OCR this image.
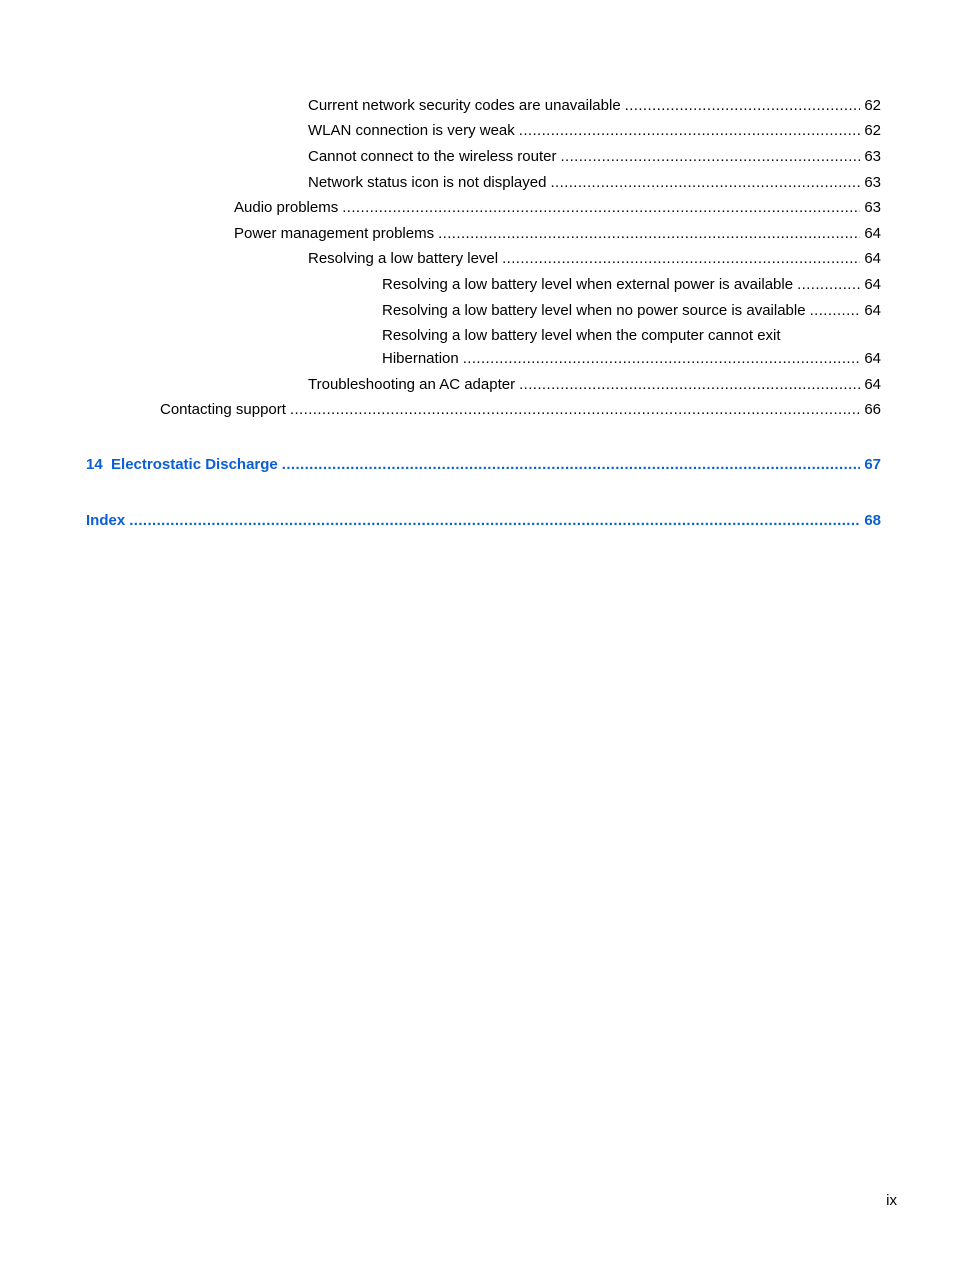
Current network security codes are unavailable .....	62
WLAN connection is very weak .....	62
Cannot connect to the wireless router .....	63
Network status icon is not displayed .....	63
Audio problems .....	63
Power management problems .....	64
Resolving a low battery level .....	64
Resolving a low battery level when external power is available .....	64
Resolving a low battery level when no power source is available .....	64
Resolving a low battery level when the computer cannot exit
Hibernation .....	64
Troubleshooting an AC adapter .....	64
Contacting support .....	66
14  Electrostatic Discharge .....	67
Index .....	68
ix
